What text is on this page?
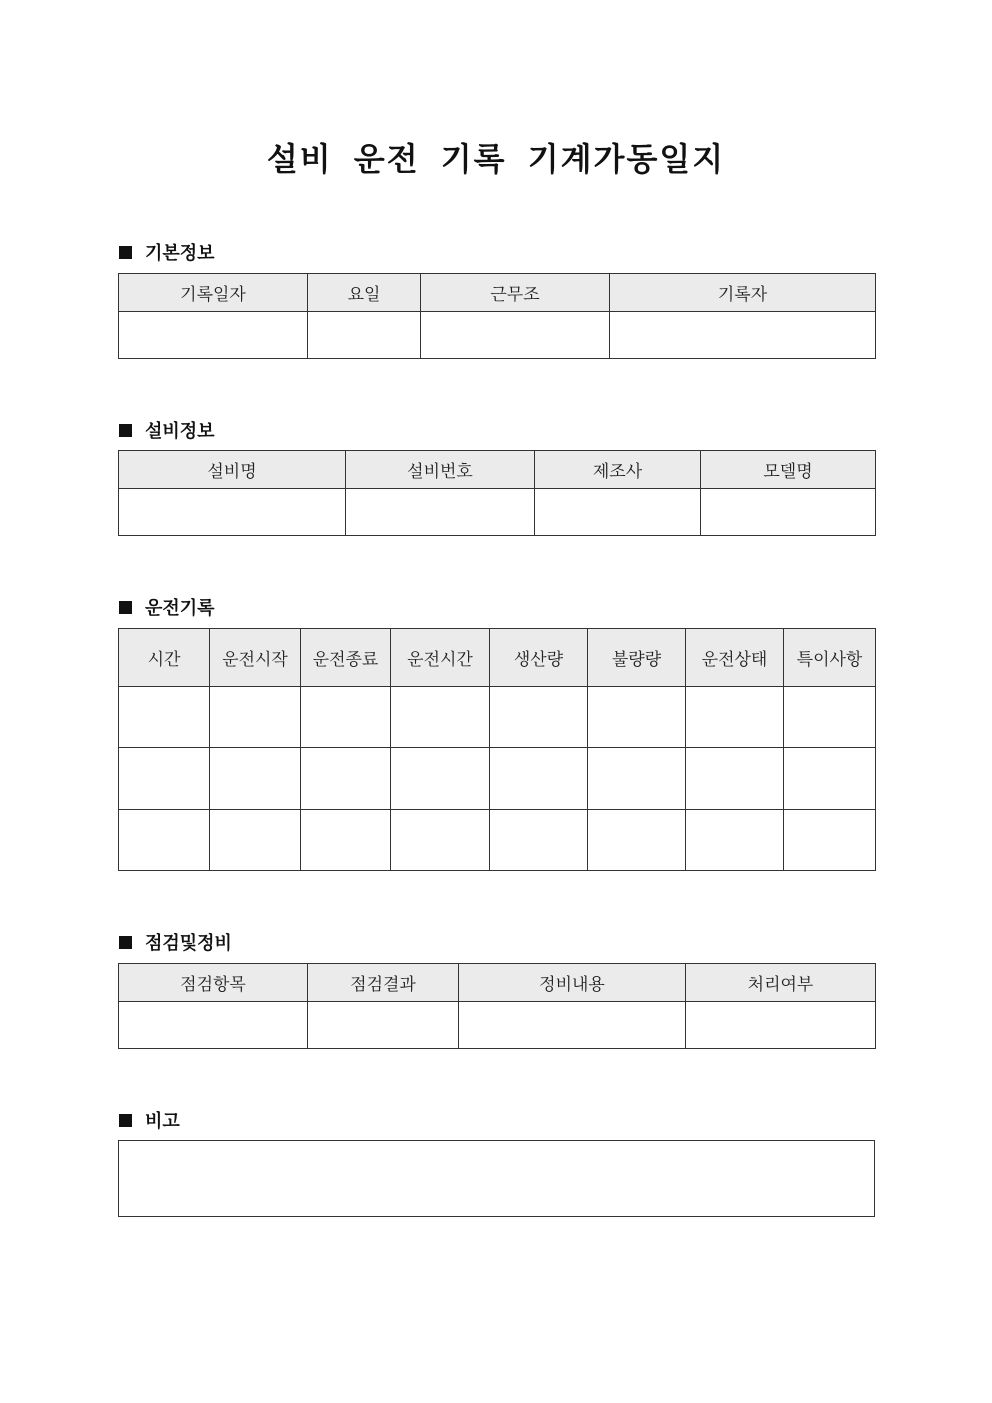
설비 운전 기록 기계가동일지
기본정보
기록일자	요일	근무조	기록자

설비정보
설비명	설비번호	제조사	모델명

운전기록
시간	운전시작	운전종료	운전시간	생산량	불량량	운전상태	특이사항

점검및정비
점검항목	점검결과	정비내용	처리여부

비고
